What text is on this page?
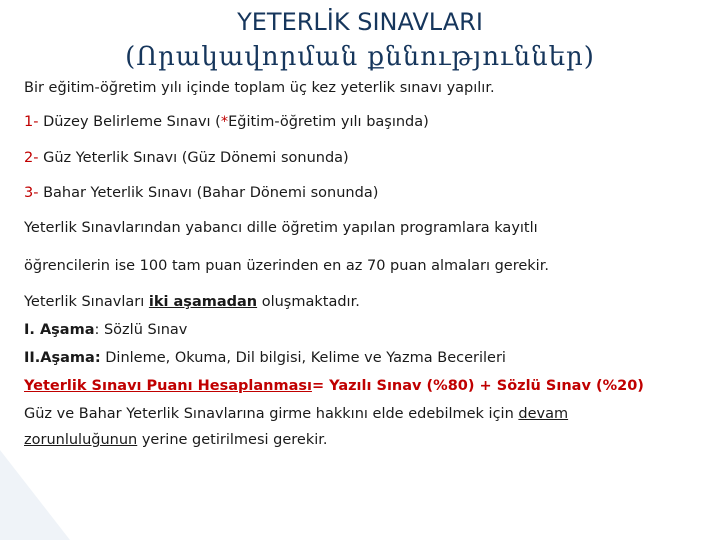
YETERLİK SINAVLARI
(Որակավորման քննություններ)
Bir eğitim-öğretim yılı içinde toplam üç kez yeterlik sınavı yapılır.
1- Düzey Belirleme Sınavı (*Eğitim-öğretim yılı başında)
2- Güz Yeterlik Sınavı (Güz Dönemi sonunda)
3- Bahar Yeterlik Sınavı (Bahar Dönemi sonunda)
Yeterlik Sınavlarından yabancı dille öğretim yapılan programlara kayıtlı
öğrencilerin ise 100 tam puan üzerinden en az 70 puan almaları gerekir.
Yeterlik Sınavları iki aşamadan oluşmaktadır.
I. Aşama: Sözlü Sınav
II.Aşama: Dinleme, Okuma, Dil bilgisi, Kelime ve Yazma Becerileri
Yeterlik Sınavı Puanı Hesaplanması= Yazılı Sınav (%80) + Sözlü Sınav (%20)
Güz ve Bahar Yeterlik Sınavlarına girme hakkını elde edebilmek için devam
zorunluluğunun yerine getirilmesi gerekir.
